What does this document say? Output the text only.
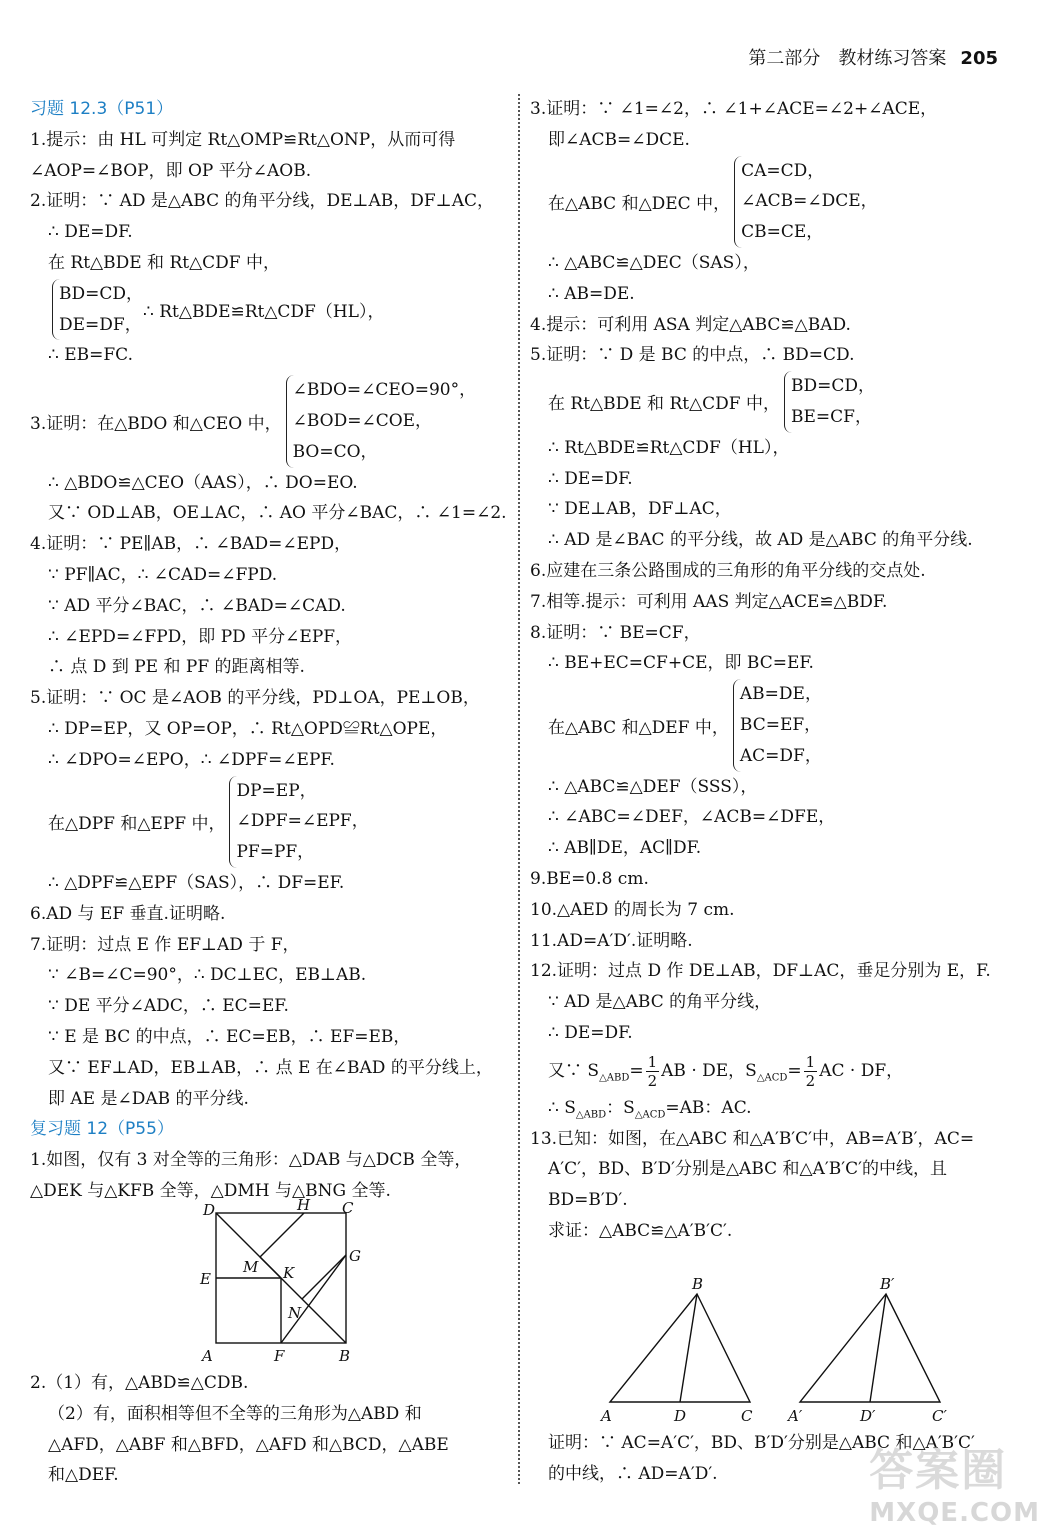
第二部分　教材练习答案 205
习题 12.3（P51）
1.提示：由 HL 可判定 Rt△OMP≌Rt△ONP，从而可得
∠AOP=∠BOP，即 OP 平分∠AOB.
2.证明：∵ AD 是△ABC 的角平分线，DE⊥AB，DF⊥AC，
∴ DE=DF.
在 Rt△BDE 和 Rt△CDF 中，
BD=CD，
DE=DF，
∴ Rt△BDE≌Rt△CDF（HL），
∴ EB=FC.
3.证明：在△BDO 和△CEO 中，
∠BDO=∠CEO=90°，
∠BOD=∠COE，
BO=CO，
∴ △BDO≌△CEO（AAS），∴ DO=EO.
又∵ OD⊥AB，OE⊥AC，∴ AO 平分∠BAC，∴ ∠1=∠2.
4.证明：∵ PE∥AB，∴ ∠BAD=∠EPD，
∵ PF∥AC，∴ ∠CAD=∠FPD.
∵ AD 平分∠BAC，∴ ∠BAD=∠CAD.
∴ ∠EPD=∠FPD，即 PD 平分∠EPF，
∴ 点 D 到 PE 和 PF 的距离相等.
5.证明：∵ OC 是∠AOB 的平分线，PD⊥OA，PE⊥OB，
∴ DP=EP，又 OP=OP，∴ Rt△OPD≌Rt△OPE，
∴ ∠DPO=∠EPO，∴ ∠DPF=∠EPF.
在△DPF 和△EPF 中，
DP=EP，
∠DPF=∠EPF，
PF=PF，
∴ △DPF≌△EPF（SAS），∴ DF=EF.
6.AD 与 EF 垂直.证明略.
7.证明：过点 E 作 EF⊥AD 于 F，
∵ ∠B=∠C=90°，∴ DC⊥EC，EB⊥AB.
∵ DE 平分∠ADC，∴ EC=EF.
∵ E 是 BC 的中点，∴ EC=EB，∴ EF=EB，
又∵ EF⊥AD，EB⊥AB，∴ 点 E 在∠BAD 的平分线上，
即 AE 是∠DAB 的平分线.
复习题 12（P55）
1.如图，仅有 3 对全等的三角形：△DAB 与△DCB 全等，
△DEK 与△KFB 全等，△DMH 与△BNG 全等.
D	H C
G
E
M K
N
A	F	B
2.（1）有，△ABD≌△CDB.
（2）有，面积相等但不全等的三角形为△ABD 和
△AFD，△ABF 和△BFD，△AFD 和△BCD，△ABE
和△DEF.
3.证明：∵ ∠1=∠2，∴ ∠1+∠ACE=∠2+∠ACE，
即∠ACB=∠DCE.
在△ABC 和△DEC 中，
CA=CD，
∠ACB=∠DCE，
CB=CE，
∴ △ABC≌△DEC（SAS），
∴ AB=DE.
4.提示：可利用 ASA 判定△ABC≌△BAD.
5.证明：∵ D 是 BC 的中点，∴ BD=CD.
在 Rt△BDE 和 Rt△CDF 中，
BD=CD，
BE=CF，
∴ Rt△BDE≌Rt△CDF（HL），
∴ DE=DF.
∵ DE⊥AB，DF⊥AC，
∴ AD 是∠BAC 的平分线，故 AD 是△ABC 的角平分线.
6.应建在三条公路围成的三角形的角平分线的交点处.
7.相等.提示：可利用 AAS 判定△ACE≌△BDF.
8.证明：∵ BE=CF，
∴ BE+EC=CF+CE，即 BC=EF.
在△ABC 和△DEF 中，
AB=DE，
BC=EF，
AC=DF，
∴ △ABC≌△DEF（SSS），
∴ ∠ABC=∠DEF，∠ACB=∠DFE，
∴ AB∥DE，AC∥DF.
9.BE=0.8 cm.
10.△AED 的周长为 7 cm.
11.AD=A′D′.证明略.
12.证明：过点 D 作 DE⊥AB，DF⊥AC，垂足分别为 E，F.
∵ AD 是△ABC 的角平分线，
∴ DE=DF.
又∵ $S_{\triangle ABD}= \frac{1}{2}$ AB · DE，$S_{\triangle ACD}= \frac{1}{2}$ AC · DF，
∴ $S_{\triangle ABD}$：$S_{\triangle ACD}=AB$：AC.
13.已知：如图，在△ABC 和△A′B′C′中，AB=A′B′，AC=
A′C′，BD、B′D′分别是△ABC 和△A′B′C′的中线，且
BD=B′D′.
求证：△ABC≌△A′B′C′.
B
A	D	C
B′
A′	D′	C′
证明：∵ AC=A′C′，BD、B′D′分别是△ABC 和△A′B′C′
的中线，∴ AD=A′D′.	答案圈
MXQE.COM
